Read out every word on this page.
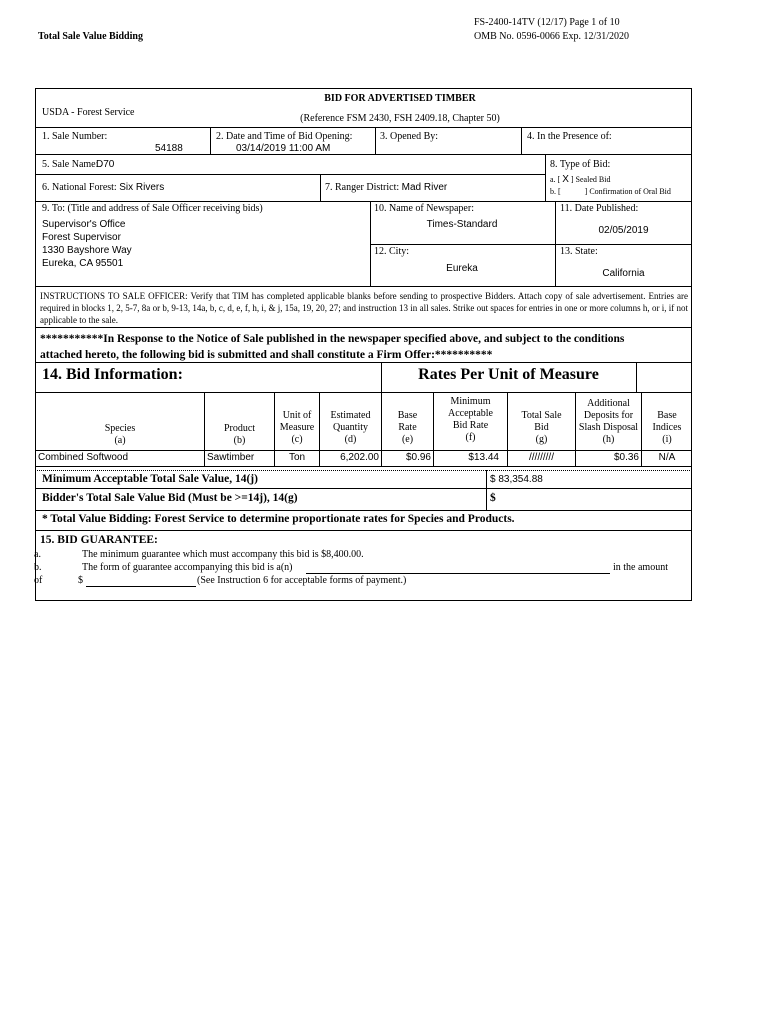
Total Sale Value Bidding
FS-2400-14TV (12/17) Page 1 of 10
OMB No. 0596-0066 Exp. 12/31/2020
BID FOR ADVERTISED TIMBER
USDA - Forest Service
(Reference FSM 2430, FSH 2409.18, Chapter 50)
1. Sale Number:
54188
2. Date and Time of Bid Opening:
03/14/2019 11:00 AM
3. Opened By:	4. In the Presence of:
5. Sale Name:
D70	8. Type of Bid:
a. [ X ] Sealed Bid
b. [	] Confirmation of Oral Bid
6. National Forest: Six Rivers	7. Ranger District: Mad River
9. To: (Title and address of Sale Officer receiving bids)
Supervisor's Office
Forest Supervisor
1330 Bayshore Way
Eureka, CA 95501
10. Name of Newspaper:
Times-Standard
11. Date Published:
02/05/2019
12. City:
Eureka
13. State:
California
INSTRUCTIONS TO SALE OFFICER: Verify that TIM has completed applicable blanks before sending to prospective Bidders. Attach copy of sale advertisement. Entries are required in blocks 1, 2, 5-7, 8a or b, 9-13, 14a, b, c, d, e, f, h, i, & j, 15a, 19, 20, 27; and instruction 13 in all sales. Strike out spaces for entries in one or more columns h, or i, if not applicable to the sale.
***********In Response to the Notice of Sale published in the newspaper specified above, and subject to the conditions
attached hereto, the following bid is submitted and shall constitute a Firm Offer:**********
14. Bid Information:	Rates Per Unit of Measure
Species
(a)
Product
(b)
Unit of
Measure
(c)
Estimated
Quantity
(d)
Base
Rate
(e)
Minimum
Acceptable
Bid Rate
(f)
Total Sale
Bid
(g)
Additional
Deposits for
Slash Disposal
(h)
Base
Indices
(i)
Combined Softwood	Sawtimber	Ton	6,202.00	$0.96	$13.44	/////////	$0.36	N/A
Minimum Acceptable Total Sale Value, 14(j)	$ 83,354.88
Bidder's Total Sale Value Bid (Must be >=14j), 14(g)	$
* Total Value Bidding: Forest Service to determine proportionate rates for Species and Products.
15. BID GUARANTEE:
a.	The minimum guarantee which must accompany this bid is $8,400.00.
b.	The form of guarantee accompanying this bid is a(n)	in the amount
of	$	(See Instruction 6 for acceptable forms of payment.)
